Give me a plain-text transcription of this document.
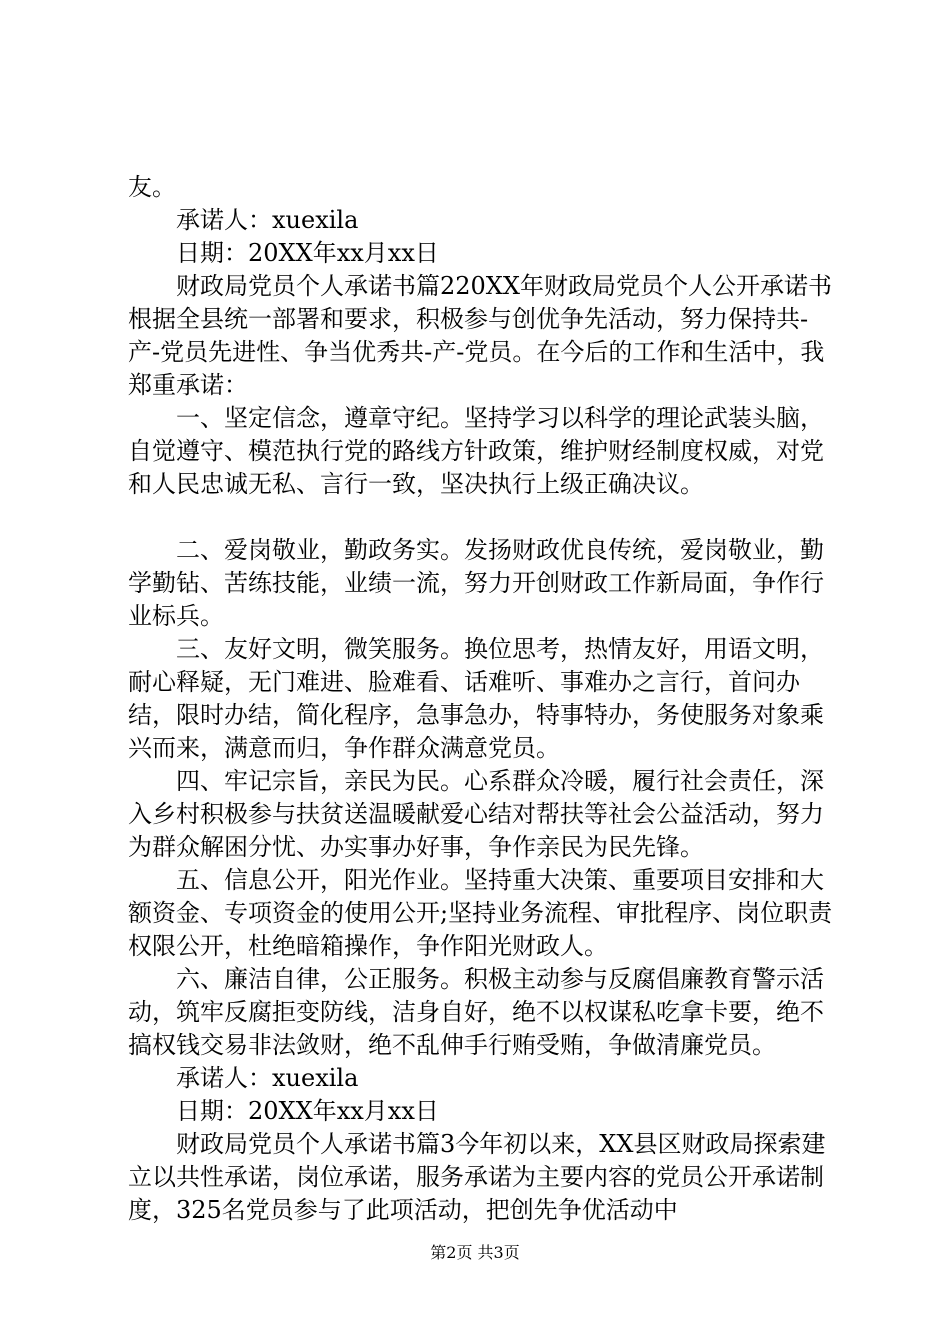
友。

承诺人：xuexila

日期：20XX年xx月xx日

财政局党员个人承诺书篇220XX年财政局党员个人公开承诺书根据全县统一部署和要求，积极参与创优争先活动，努力保持共-产-党员先进性、争当优秀共-产-党员。在今后的工作和生活中，我郑重承诺：

一、坚定信念，遵章守纪。坚持学习以科学的理论武装头脑，自觉遵守、模范执行党的路线方针政策，维护财经制度权威，对党和人民忠诚无私、言行一致，坚决执行上级正确决议。

二、爱岗敬业，勤政务实。发扬财政优良传统，爱岗敬业，勤学勤钻、苦练技能，业绩一流，努力开创财政工作新局面，争作行业标兵。

三、友好文明，微笑服务。换位思考，热情友好，用语文明，耐心释疑，无门难进、脸难看、话难听、事难办之言行，首问办结，限时办结，简化程序，急事急办，特事特办，务使服务对象乘兴而来，满意而归，争作群众满意党员。

四、牢记宗旨，亲民为民。心系群众冷暖，履行社会责任，深入乡村积极参与扶贫送温暖献爱心结对帮扶等社会公益活动，努力为群众解困分忧、办实事办好事，争作亲民为民先锋。

五、信息公开，阳光作业。坚持重大决策、重要项目安排和大额资金、专项资金的使用公开;坚持业务流程、审批程序、岗位职责权限公开，杜绝暗箱操作，争作阳光财政人。

六、廉洁自律，公正服务。积极主动参与反腐倡廉教育警示活动，筑牢反腐拒变防线，洁身自好，绝不以权谋私吃拿卡要，绝不搞权钱交易非法敛财，绝不乱伸手行贿受贿，争做清廉党员。

承诺人：xuexila

日期：20XX年xx月xx日

财政局党员个人承诺书篇3今年初以来，XX县区财政局探索建立以共性承诺，岗位承诺，服务承诺为主要内容的党员公开承诺制度，325名党员参与了此项活动，把创先争优活动中

第2页 共3页
